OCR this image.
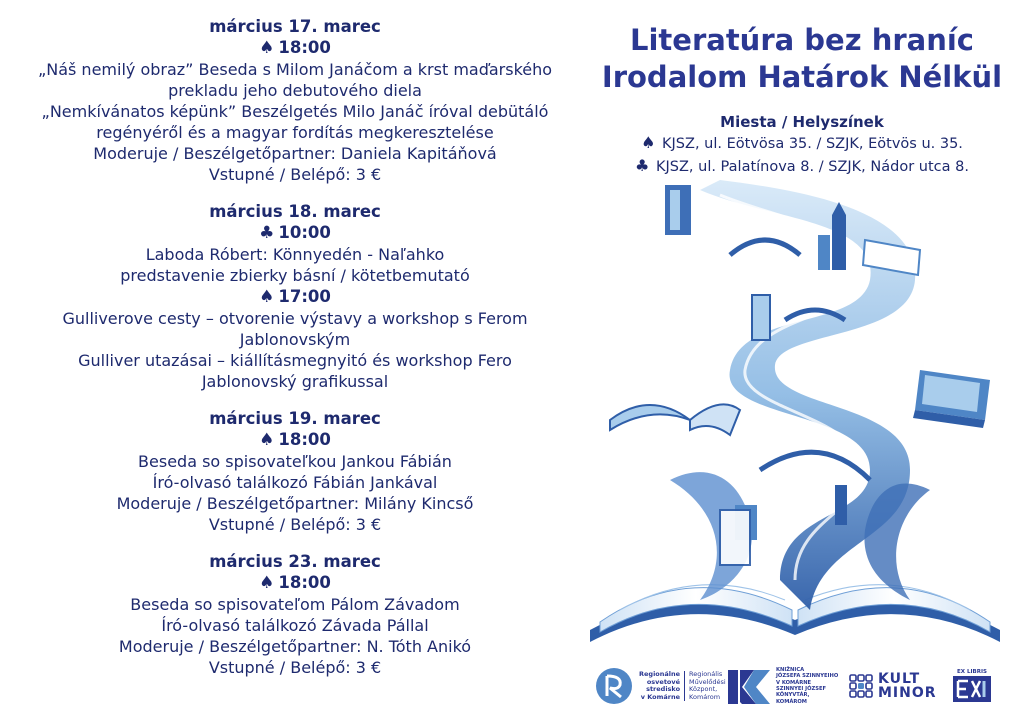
március 17. marec
♠ 18:00
„Náš nemilý obraz” Beseda s Milom Janáčom a krst maďarského
prekladu jeho debutového diela
„Nemkívánatos képünk” Beszélgetés Milo Janáč íróval debütáló
regényéről és a magyar fordítás megkeresztelése
Moderuje / Beszélgetőpartner: Daniela Kapitáňová
Vstupné / Belépő: 3 €
március 18. marec
♣ 10:00
Laboda Róbert: Könnyedén - Naľahko
predstavenie zbierky básní / kötetbemutató
♠ 17:00
Gulliverove cesty – otvorenie výstavy a workshop s Ferom
Jablonovským
Gulliver utazásai – kiállításmegnyitó és workshop Fero
Jablonovský grafikussal
március 19. marec
♠ 18:00
Beseda so spisovateľkou Jankou Fábián
Író-olvasó találkozó Fábián Jankával
Moderuje / Beszélgetőpartner: Milány Kincső
Vstupné / Belépő: 3 €
március 23. marec
♠ 18:00
Beseda so spisovateľom Pálom Závadom
Író-olvasó találkozó Závada Pállal
Moderuje / Beszélgetőpartner: N. Tóth Anikó
Vstupné / Belépő: 3 €
Literatúra bez hraníc
Irodalom Határok Nélkül
Miesta / Helyszínek
♠ KJSZ, ul. Eötvösa 35. / SZJK, Eötvös u. 35.
♣ KJSZ, ul. Palatínova 8. / SZJK, Nádor utca 8.
Regionálne
osvetové
stredisko
v Komárne
Regionális
Művelődési
Központ,
Komárom
KNIŽNICA
JÓZSEFA SZINNYEIHO
V KOMÁRNE
SZINNYEI JÓZSEF
KÖNYVTÁR,
KOMÁROM
KULT
MINOR
EX LIBRIS
